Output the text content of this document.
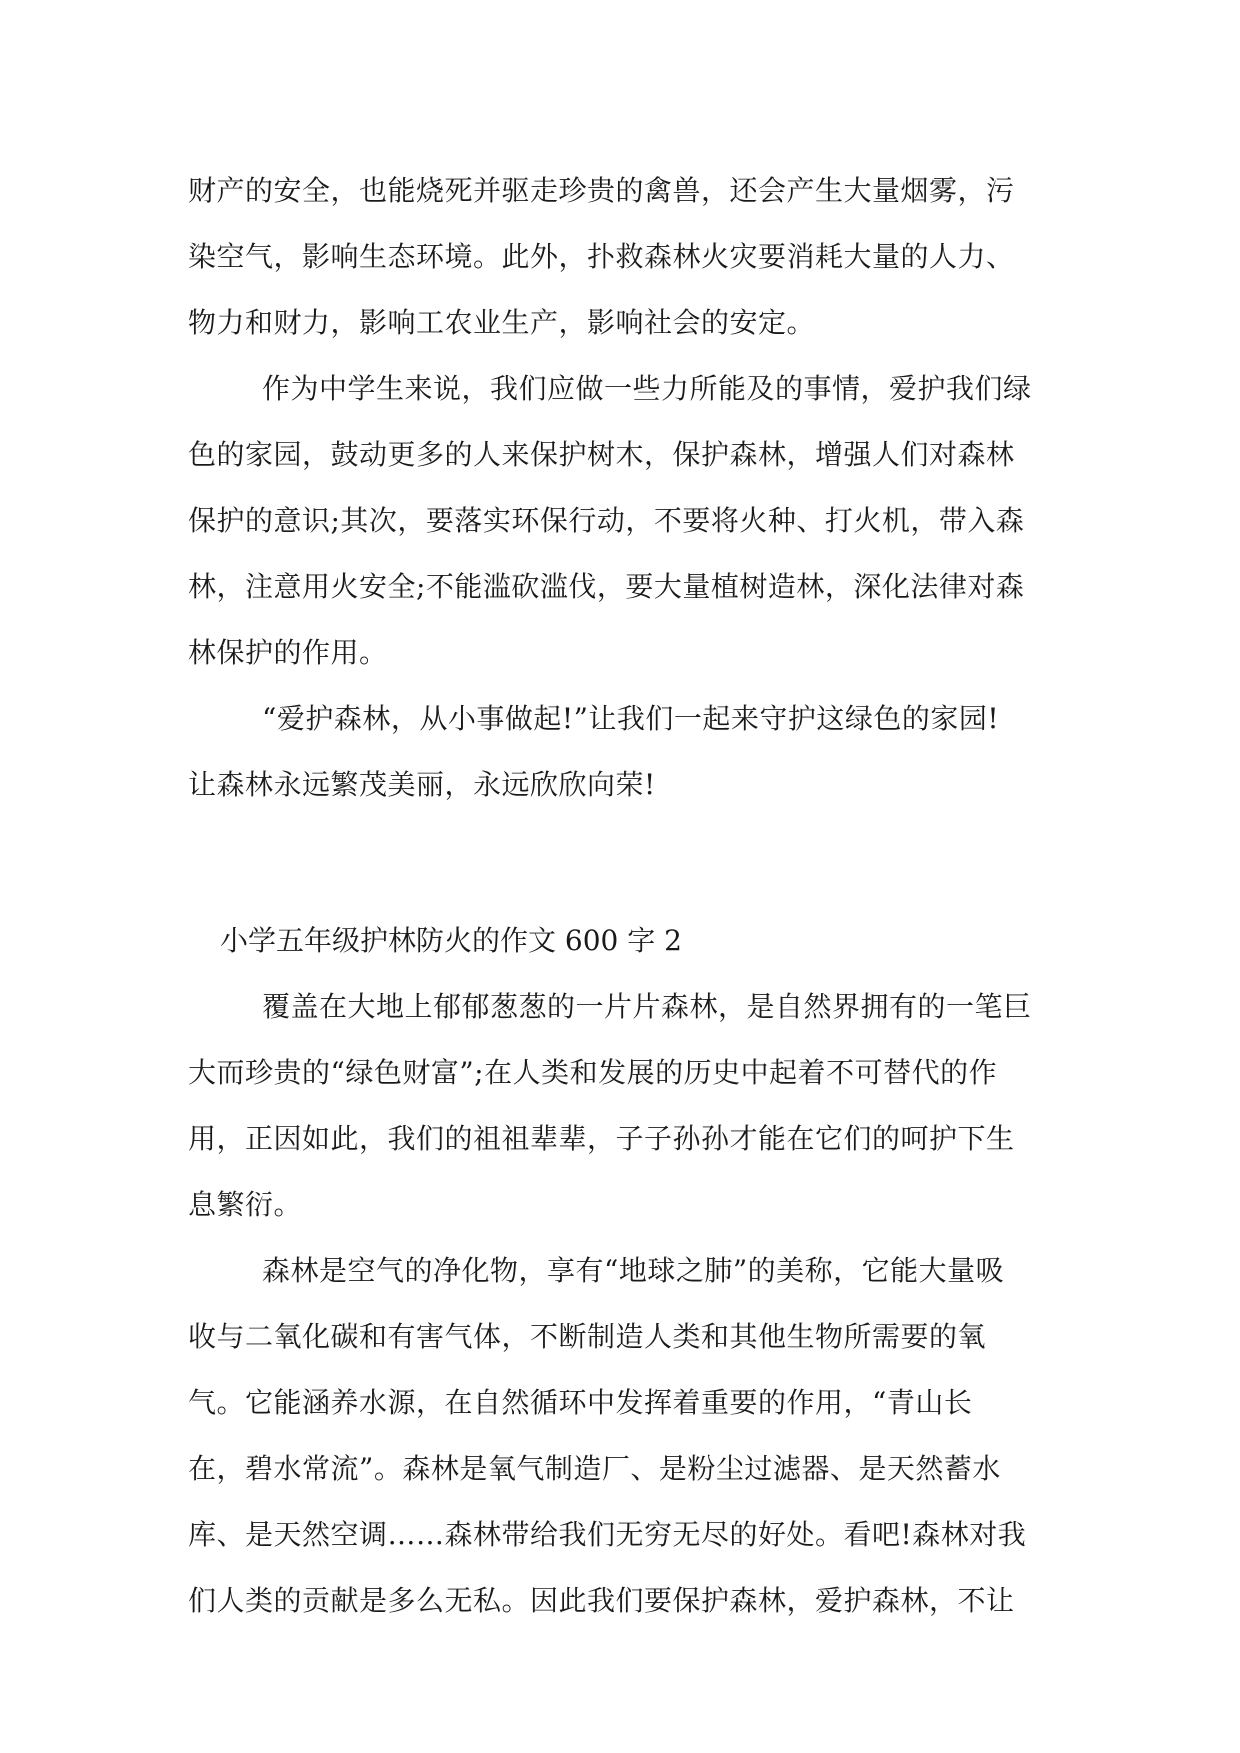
财产的安全，也能烧死并驱走珍贵的禽兽，还会产生大量烟雾，污
染空气，影响生态环境。此外，扑救森林火灾要消耗大量的人力、
物力和财力，影响工农业生产，影响社会的安定。
作为中学生来说，我们应做一些力所能及的事情，爱护我们绿
色的家园，鼓动更多的人来保护树木，保护森林，增强人们对森林
保护的意识;其次，要落实环保行动，不要将火种、打火机，带入森
林，注意用火安全;不能滥砍滥伐，要大量植树造林，深化法律对森
林保护的作用。
“爱护森林，从小事做起!”让我们一起来守护这绿色的家园!
让森林永远繁茂美丽，永远欣欣向荣!
小学五年级护林防火的作文 600 字 2
覆盖在大地上郁郁葱葱的一片片森林，是自然界拥有的一笔巨
大而珍贵的“绿色财富”;在人类和发展的历史中起着不可替代的作
用，正因如此，我们的祖祖辈辈，子子孙孙才能在它们的呵护下生
息繁衍。
森林是空气的净化物，享有“地球之肺”的美称，它能大量吸
收与二氧化碳和有害气体，不断制造人类和其他生物所需要的氧
气。它能涵养水源，在自然循环中发挥着重要的作用，“青山长
在，碧水常流”。森林是氧气制造厂、是粉尘过滤器、是天然蓄水
库、是天然空调……森林带给我们无穷无尽的好处。看吧!森林对我
们人类的贡献是多么无私。因此我们要保护森林，爱护森林，不让
